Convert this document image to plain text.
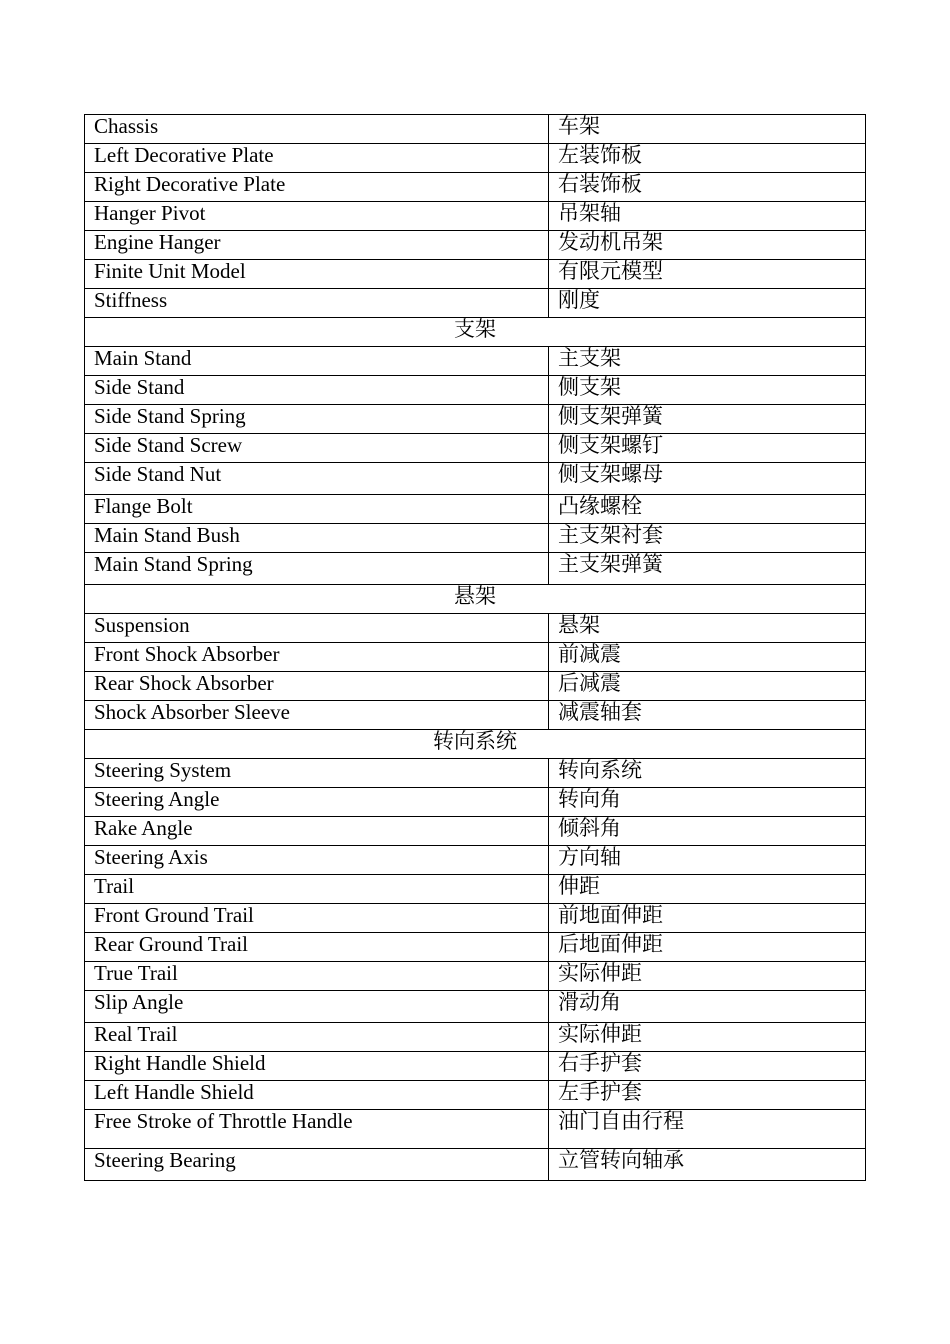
Chassis	车架
Left Decorative Plate	左装饰板
Right Decorative Plate	右装饰板
Hanger Pivot	吊架轴
Engine Hanger	发动机吊架
Finite Unit Model	有限元模型
Stiffness	刚度
支架	
Main Stand	主支架
Side Stand	侧支架
Side Stand Spring	侧支架弹簧
Side Stand Screw	侧支架螺钉
Side Stand Nut	侧支架螺母
Flange Bolt	凸缘螺栓
Main Stand Bush	主支架衬套
Main Stand Spring	主支架弹簧
悬架	
Suspension	悬架
Front Shock Absorber	前减震
Rear Shock Absorber	后减震
Shock Absorber Sleeve	减震轴套
转向系统	
Steering System	转向系统
Steering Angle	转向角
Rake Angle	倾斜角
Steering Axis	方向轴
Trail	伸距
Front Ground Trail	前地面伸距
Rear Ground Trail	后地面伸距
True Trail	实际伸距
Slip Angle	滑动角
Real Trail	实际伸距
Right Handle Shield	右手护套
Left Handle Shield	左手护套
Free Stroke of Throttle Handle	油门自由行程
Steering Bearing	立管转向轴承
